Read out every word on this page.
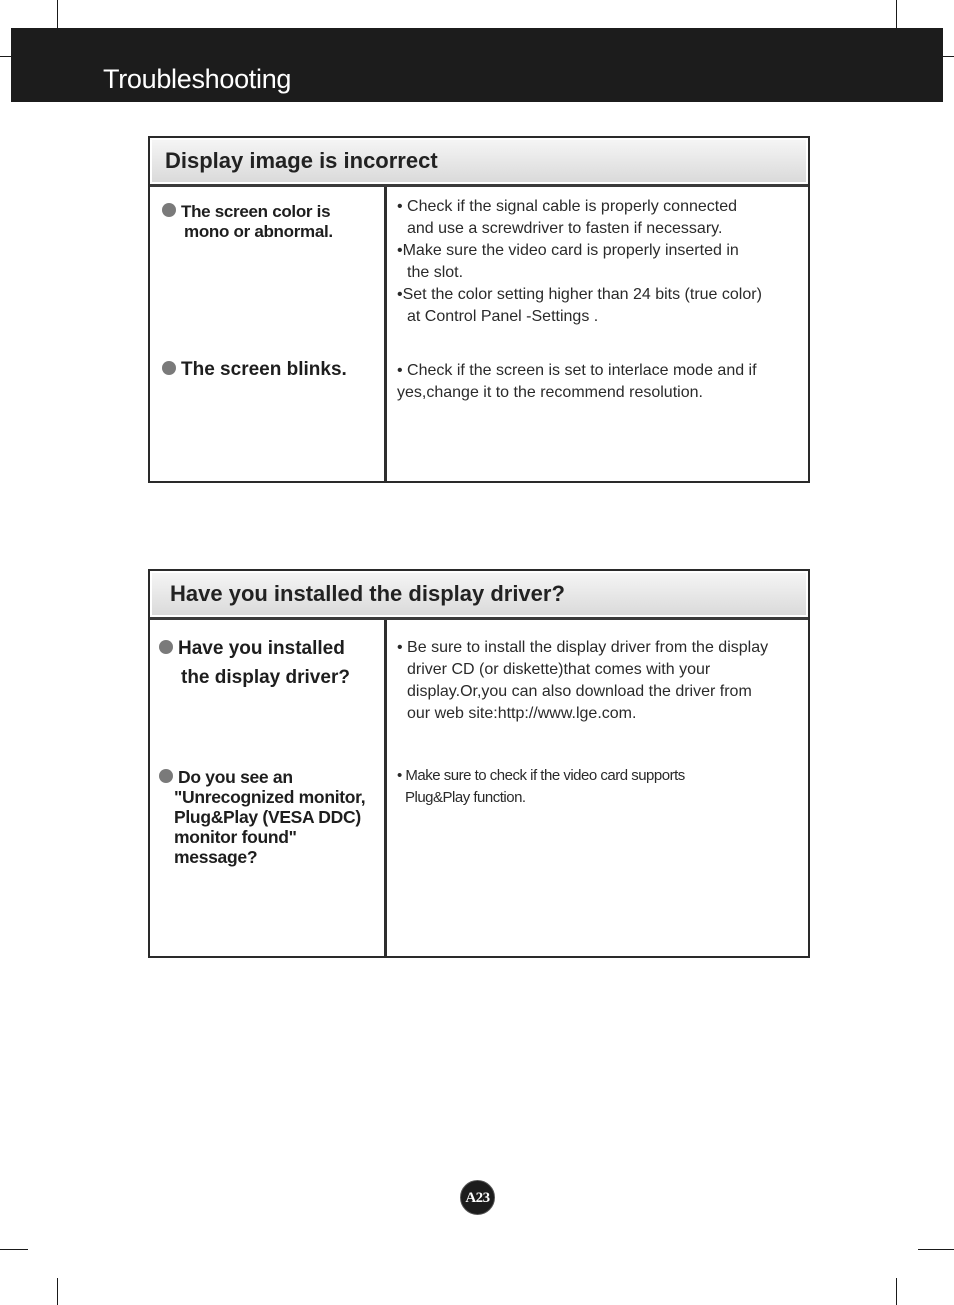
Troubleshooting
Display image is incorrect
The screen color is
mono or abnormal.

• Check if the signal cable is properly connected

and use a screwdriver to fasten if necessary.

•Make sure the video card is properly inserted in

the slot.

•Set the color setting higher than 24 bits (true color)

at Control Panel -Settings .

The screen blinks.	• Check if the screen is set to interlace mode and if

yes,change it to the recommend resolution.

Have you installed the display driver?
Have you installed
the display driver?

• Be sure to install the display driver from the display

driver CD (or diskette)that comes with your

display.Or,you can also download the driver from

our web site:http://www.lge.com.

Do you see an
"Unrecognized monitor,
Plug&Play (VESA DDC)
monitor found"
message?

• Make sure to check if the video card supports

Plug&Play function.

A23
